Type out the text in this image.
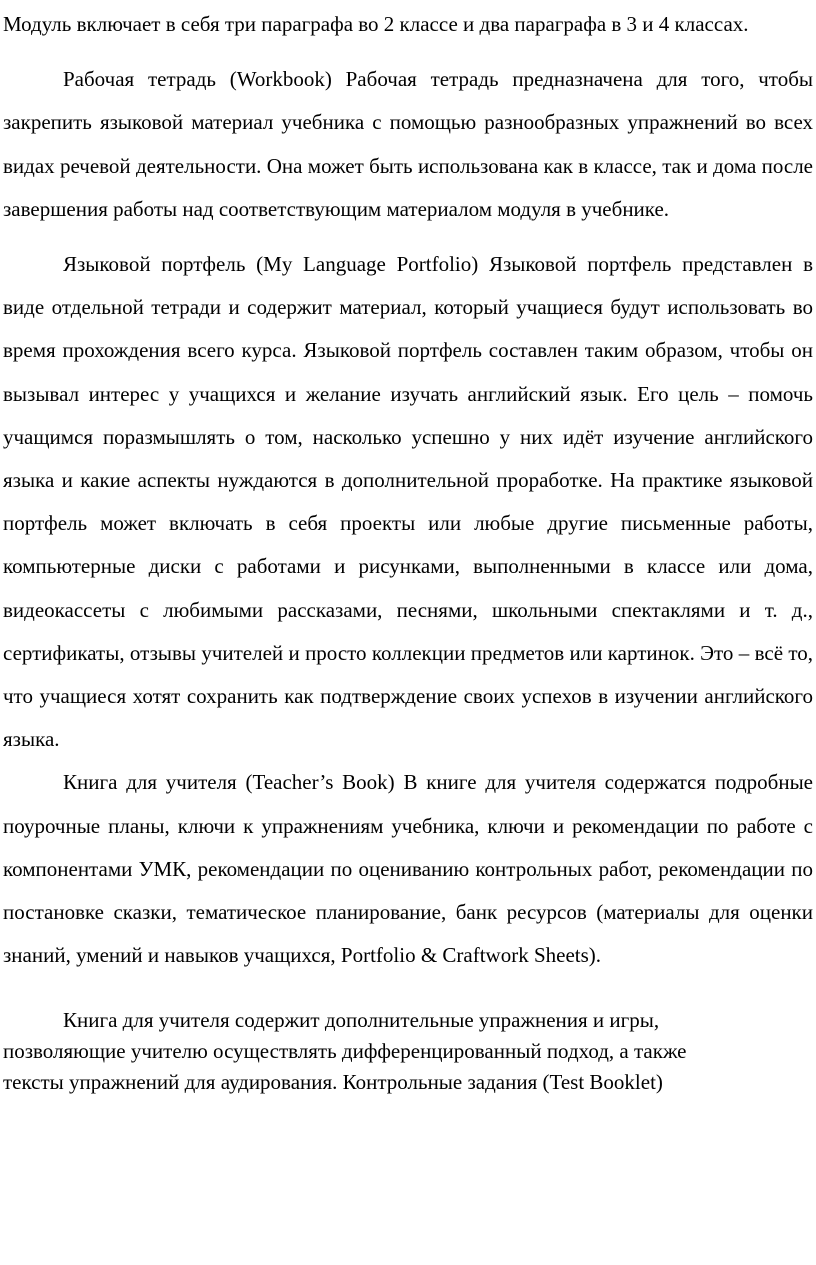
Модуль включает в себя три параграфа во 2 классе и два параграфа в 3 и 4 классах.

Рабочая тетрадь (Workbook) Рабочая тетрадь предназначена для того, чтобы закрепить языковой материал учебника с помощью разнообразных упражнений во всех видах речевой деятельности. Она может быть использована как в классе, так и дома после завершения работы над соответствующим материалом модуля в учебнике.

Языковой портфель (My Language Portfolio) Языковой портфель представлен в виде отдельной тетради и содержит материал, который учащиеся будут использовать во время прохождения всего курса. Языковой портфель составлен таким образом, чтобы он вызывал интерес у учащихся и желание изучать английский язык. Его цель – помочь учащимся поразмышлять о том, насколько успешно у них идёт изучение английского языка и какие аспекты нуждаются в дополнительной проработке. На практике языковой портфель может включать в себя проекты или любые другие письменные работы, компьютерные диски с работами и рисунками, выполненными в классе или дома, видеокассеты с любимыми рассказами, песнями, школьными спектаклями и т. д., сертификаты, отзывы учителей и просто коллекции предметов или картинок. Это – всё то, что учащиеся хотят сохранить как подтверждение своих успехов в изучении английского языка.

Книга для учителя (Teacher’s Book) В книге для учителя содержатся подробные поурочные планы, ключи к упражнениям учебника, ключи и рекомендации по работе с компонентами УМК, рекомендации по оцениванию контрольных работ, рекомендации по постановке сказки, тематическое планирование, банк ресурсов (материалы для оценки знаний, умений и навыков учащихся, Portfolio & Craftwork Sheets).

Книга для учителя содержит дополнительные упражнения и игры,

позволяющие учителю осуществлять дифференцированный подход, а также

тексты упражнений для аудирования. Контрольные задания (Test Booklet)
